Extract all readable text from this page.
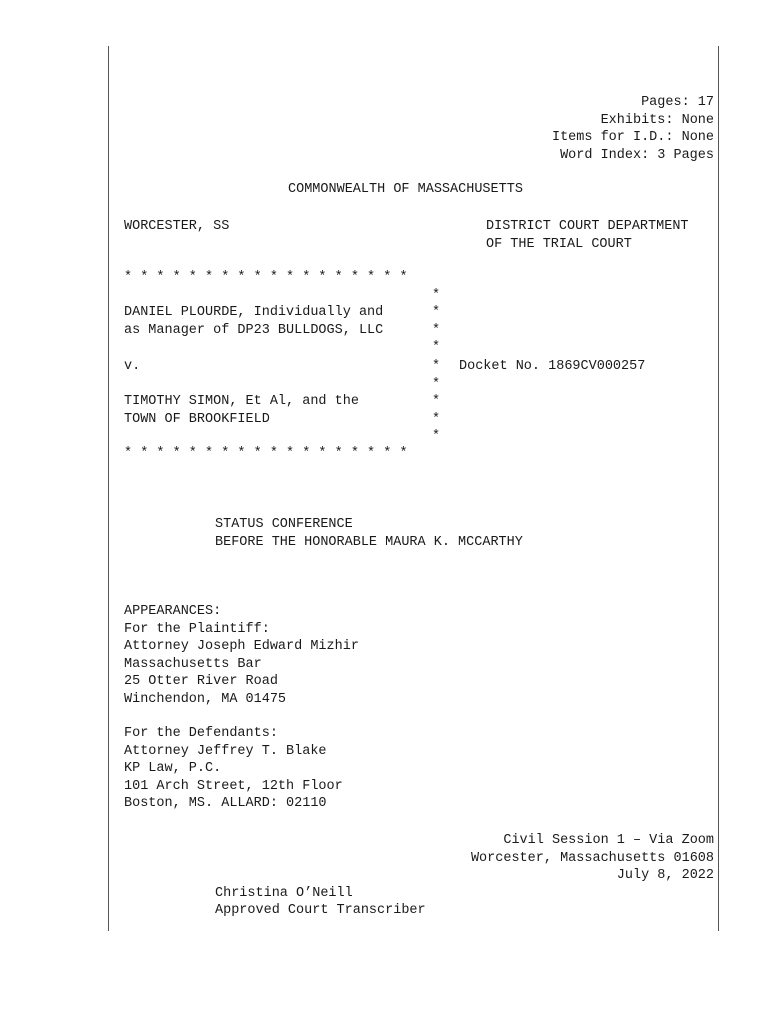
Pages: 17
Exhibits: None
Items for I.D.: None
Word Index: 3 Pages
COMMONWEALTH OF MASSACHUSETTS
WORCESTER, SS	DISTRICT COURT DEPARTMENT
OF THE TRIAL COURT
* * * * * * * * * * * * * * * * * *
*
DANIEL PLOURDE, Individually and	*
as Manager of DP23 BULLDOGS, LLC	*
*
v.	* Docket No. 1869CV000257
*
TIMOTHY SIMON, Et Al, and the	*
TOWN OF BROOKFIELD	*
*
* * * * * * * * * * * * * * * * * *
STATUS CONFERENCE
BEFORE THE HONORABLE MAURA K. MCCARTHY
APPEARANCES:
For the Plaintiff:
Attorney Joseph Edward Mizhir
Massachusetts Bar
25 Otter River Road
Winchendon, MA 01475
For the Defendants:
Attorney Jeffrey T. Blake
KP Law, P.C.
101 Arch Street, 12th Floor
Boston, MS. ALLARD: 02110
Civil Session 1 – Via Zoom
Worcester, Massachusetts 01608
July 8, 2022
Christina O’Neill
Approved Court Transcriber
